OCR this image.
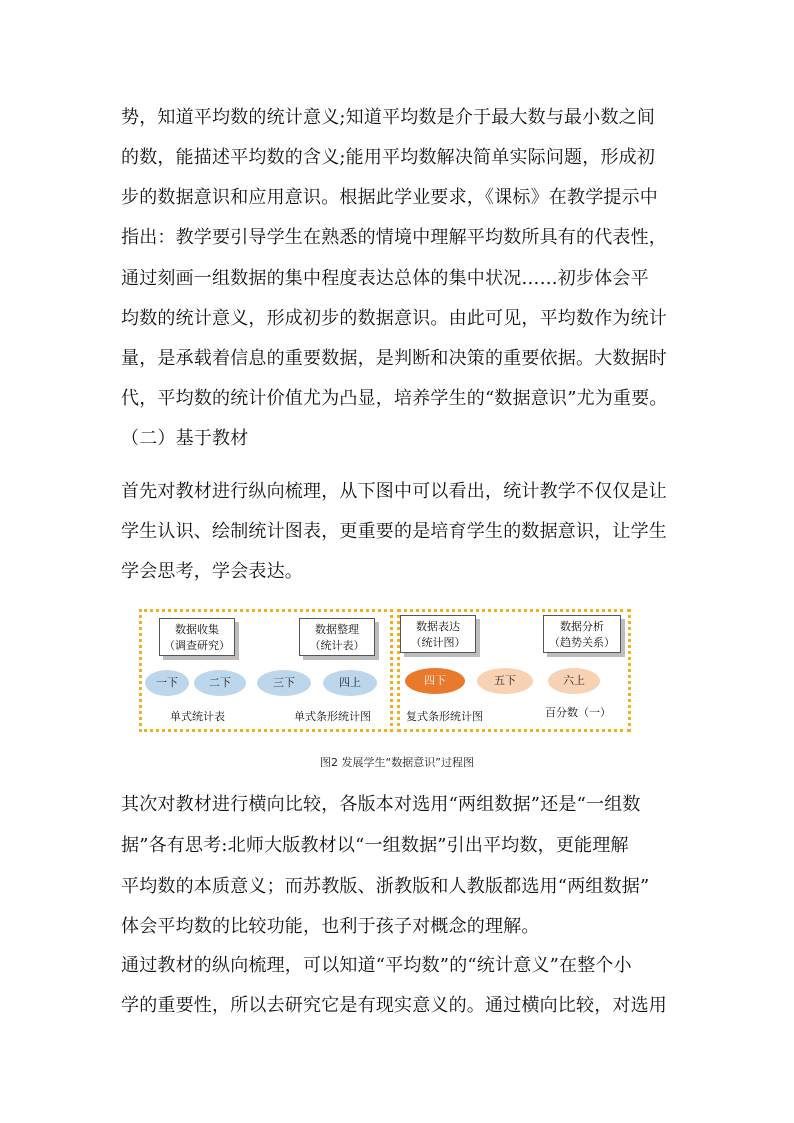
势，知道平均数的统计意义;知道平均数是介于最大数与最小数之间
的数，能描述平均数的含义;能用平均数解决简单实际问题，形成初
步的数据意识和应用意识。根据此学业要求，《课标》在教学提示中
指出：教学要引导学生在熟悉的情境中理解平均数所具有的代表性，
通过刻画一组数据的集中程度表达总体的集中状况……初步体会平
均数的统计意义，形成初步的数据意识。由此可见，平均数作为统计
量，是承载着信息的重要数据，是判断和决策的重要依据。大数据时
代，平均数的统计价值尤为凸显，培养学生的“数据意识”尤为重要。
（二）基于教材
首先对教材进行纵向梳理，从下图中可以看出，统计教学不仅仅是让
学生认识、绘制统计图表，更重要的是培育学生的数据意识，让学生
学会思考，学会表达。
数据收集
（调查研究）
数据整理
（统计表）
数据表达
（统计图）
数据分析
（趋势关系）
一下	二下	三下	四上	四下	五下	六上
单式统计表	单式条形统计图	复式条形统计图	百分数（一）
图2 发展学生“数据意识”过程图
其次对教材进行横向比较，各版本对选用“两组数据”还是“一组数
据”各有思考:北师大版教材以“一组数据”引出平均数，更能理解
平均数的本质意义；而苏教版、浙教版和人教版都选用“两组数据”
体会平均数的比较功能，也利于孩子对概念的理解。
通过教材的纵向梳理，可以知道“平均数”的“统计意义”在整个小
学的重要性，所以去研究它是有现实意义的。通过横向比较，对选用
